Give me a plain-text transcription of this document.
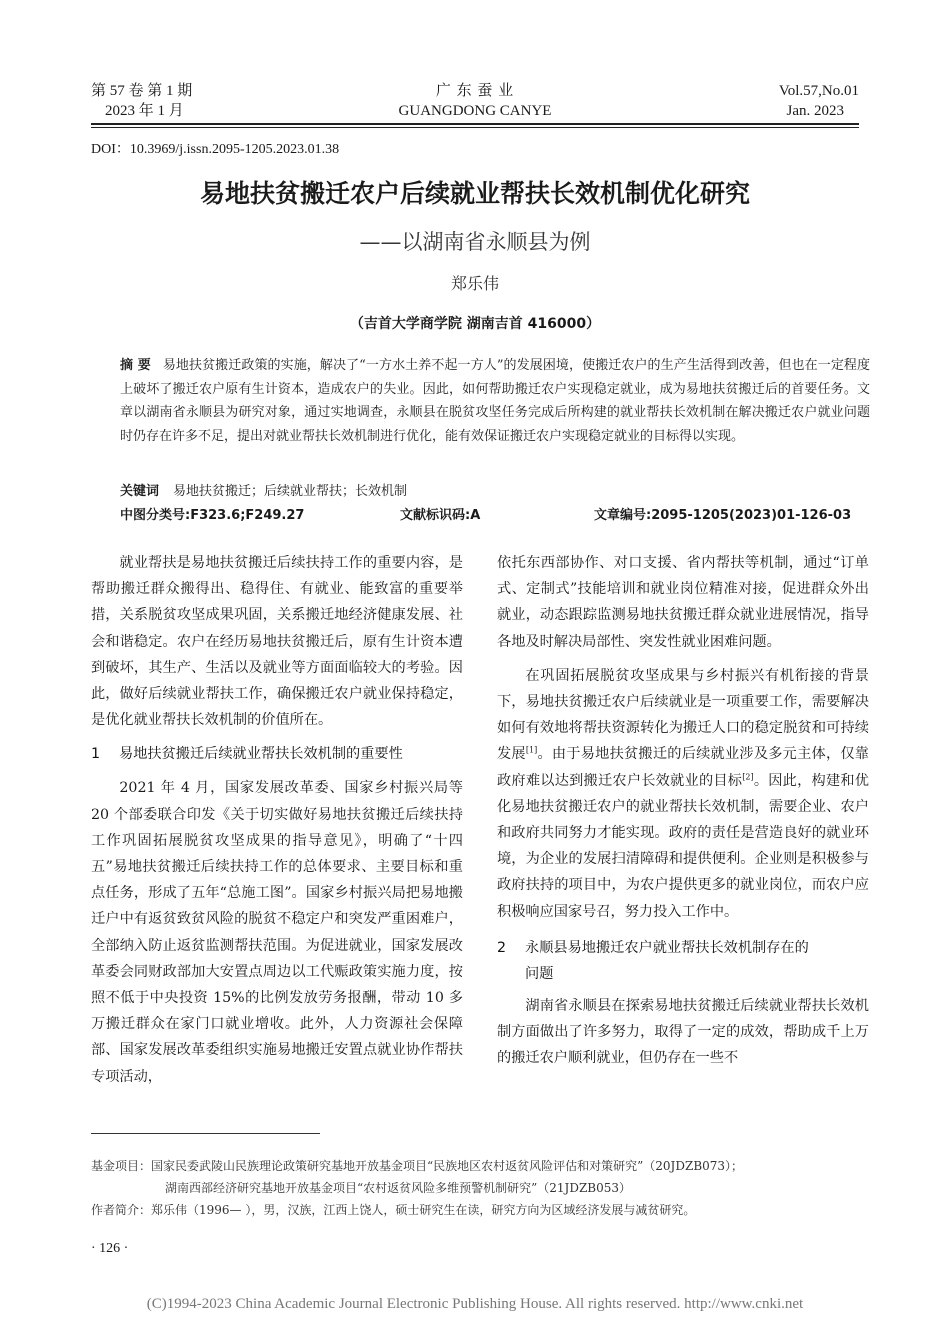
第 57 卷 第 1 期
2023 年 1 月
广 东 蚕 业
GUANGDONG CANYE
Vol.57,No.01
Jan. 2023
DOI：10.3969/j.issn.2095-1205.2023.01.38
易地扶贫搬迁农户后续就业帮扶长效机制优化研究
——以湖南省永顺县为例
郑乐伟
（吉首大学商学院 湖南吉首 416000）
摘 要 易地扶贫搬迁政策的实施，解决了“一方水土养不起一方人”的发展困境，使搬迁农户的生产生活得到改善，但也在一定程度上破坏了搬迁农户原有生计资本，造成农户的失业。因此，如何帮助搬迁农户实现稳定就业，成为易地扶贫搬迁后的首要任务。文章以湖南省永顺县为研究对象，通过实地调查，永顺县在脱贫攻坚任务完成后所构建的就业帮扶长效机制在解决搬迁农户就业问题时仍存在许多不足，提出对就业帮扶长效机制进行优化，能有效保证搬迁农户实现稳定就业的目标得以实现。
关键词 易地扶贫搬迁；后续就业帮扶；长效机制
中图分类号:F323.6;F249.27	文献标识码:A	文章编号:2095-1205(2023)01-126-03

就业帮扶是易地扶贫搬迁后续扶持工作的重要内容，是帮助搬迁群众搬得出、稳得住、有就业、能致富的重要举措，关系脱贫攻坚成果巩固，关系搬迁地经济健康发展、社会和谐稳定。农户在经历易地扶贫搬迁后，原有生计资本遭到破坏，其生产、生活以及就业等方面面临较大的考验。因此，做好后续就业帮扶工作，确保搬迁农户就业保持稳定，是优化就业帮扶长效机制的价值所在。

1 易地扶贫搬迁后续就业帮扶长效机制的重要性

2021 年 4 月，国家发展改革委、国家乡村振兴局等 20 个部委联合印发《关于切实做好易地扶贫搬迁后续扶持工作巩固拓展脱贫攻坚成果的指导意见》，明确了“十四五”易地扶贫搬迁后续扶持工作的总体要求、主要目标和重点任务，形成了五年“总施工图”。国家乡村振兴局把易地搬迁户中有返贫致贫风险的脱贫不稳定户和突发严重困难户，全部纳入防止返贫监测帮扶范围。为促进就业，国家发展改革委会同财政部加大安置点周边以工代赈政策实施力度，按照不低于中央投资 15%的比例发放劳务报酬，带动 10 多万搬迁群众在家门口就业增收。此外，人力资源社会保障部、国家发展改革委组织实施易地搬迁安置点就业协作帮扶专项活动，

依托东西部协作、对口支援、省内帮扶等机制，通过“订单式、定制式”技能培训和就业岗位精准对接，促进群众外出就业，动态跟踪监测易地扶贫搬迁群众就业进展情况，指导各地及时解决局部性、突发性就业困难问题。

在巩固拓展脱贫攻坚成果与乡村振兴有机衔接的背景下，易地扶贫搬迁农户后续就业是一项重要工作，需要解决如何有效地将帮扶资源转化为搬迁人口的稳定脱贫和可持续发展[1]。由于易地扶贫搬迁的后续就业涉及多元主体，仅靠政府难以达到搬迁农户长效就业的目标[2]。因此，构建和优化易地扶贫搬迁农户的就业帮扶长效机制，需要企业、农户和政府共同努力才能实现。政府的责任是营造良好的就业环境，为企业的发展扫清障碍和提供便利。企业则是积极参与政府扶持的项目中，为农户提供更多的就业岗位，而农户应积极响应国家号召，努力投入工作中。

2 永顺县易地搬迁农户就业帮扶长效机制存在的
问题

湖南省永顺县在探索易地扶贫搬迁后续就业帮扶长效机制方面做出了许多努力，取得了一定的成效，帮助成千上万的搬迁农户顺利就业，但仍存在一些不

基金项目：国家民委武陵山民族理论政策研究基地开放基金项目“民族地区农村返贫风险评估和对策研究”（20JDZB073）；
湖南西部经济研究基地开放基金项目“农村返贫风险多维预警机制研究”（21JDZB053）
作者简介：郑乐伟（1996— ），男，汉族，江西上饶人，硕士研究生在读，研究方向为区域经济发展与减贫研究。
· 126 ·
(C)1994-2023 China Academic Journal Electronic Publishing House. All rights reserved. http://www.cnki.net
